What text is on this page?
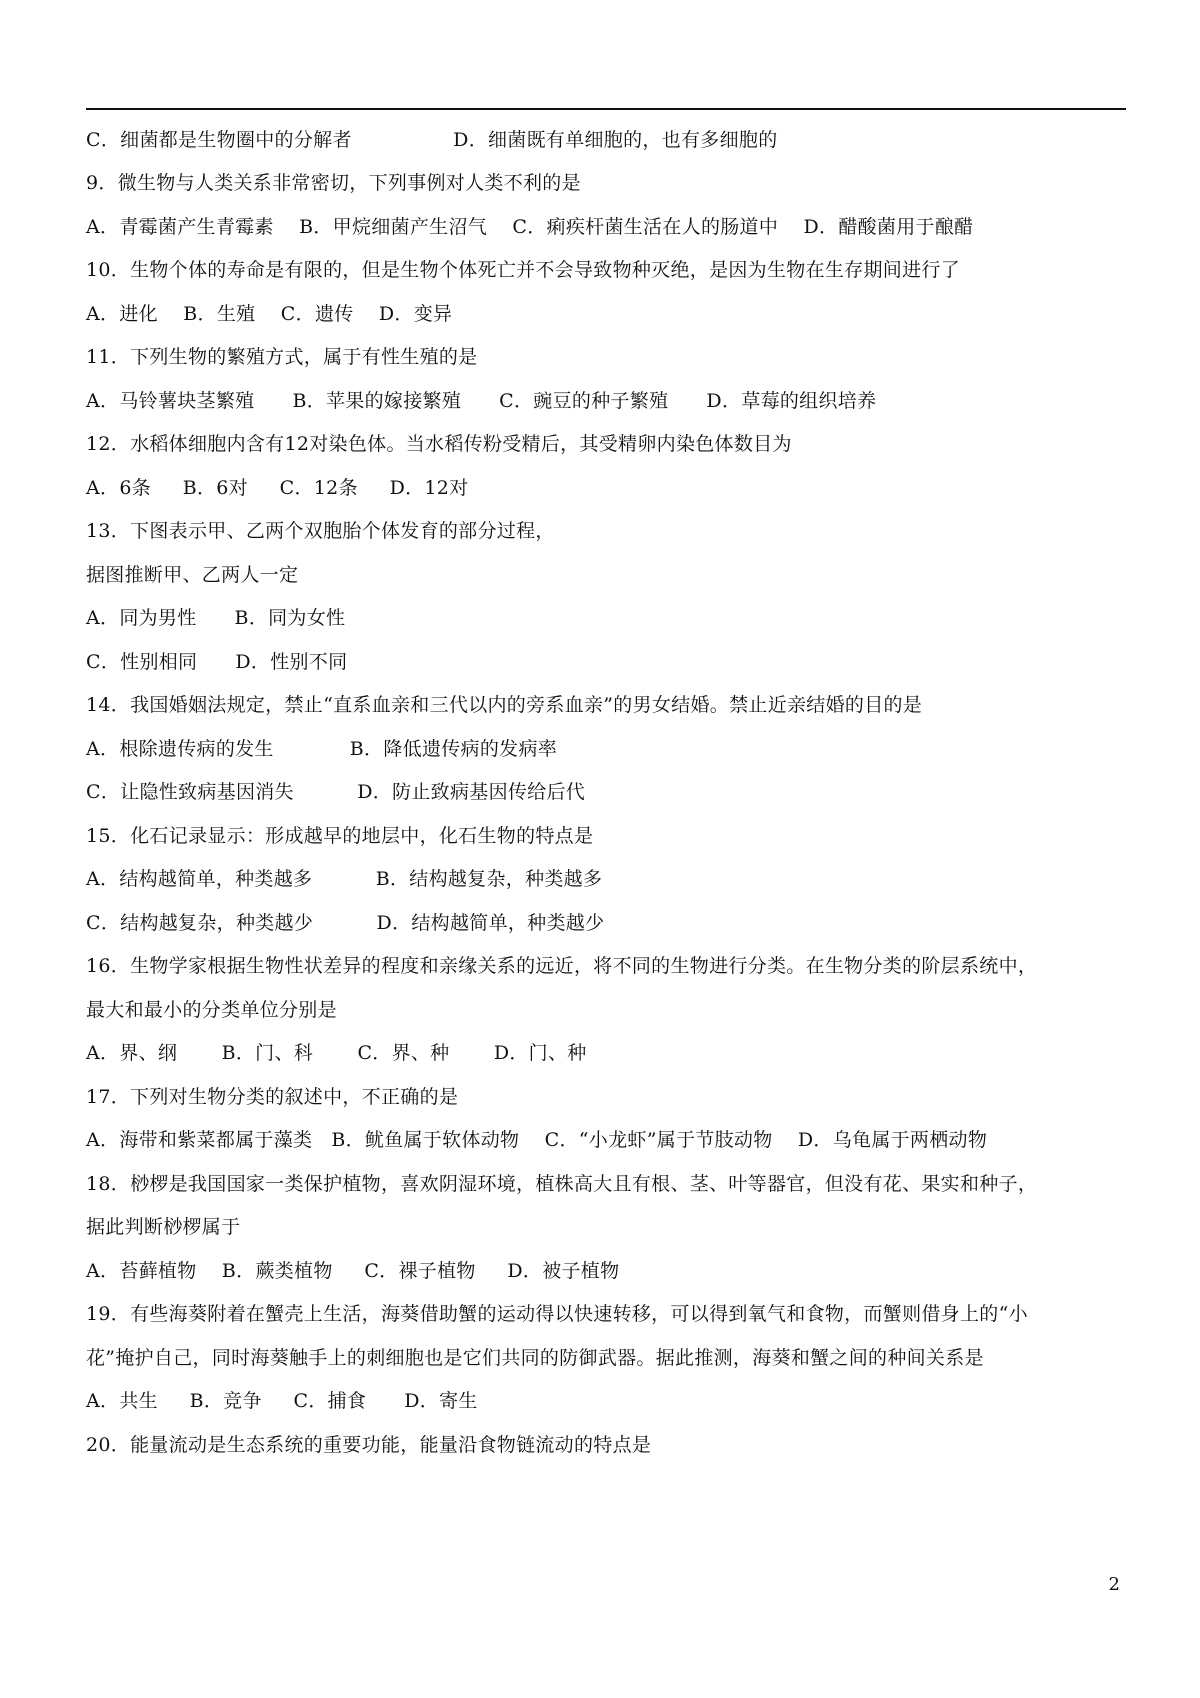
C．细菌都是生物圈中的分解者                D．细菌既有单细胞的，也有多细胞的
9．微生物与人类关系非常密切，下列事例对人类不利的是
A．青霉菌产生青霉素    B．甲烷细菌产生沼气    C．痢疾杆菌生活在人的肠道中    D．醋酸菌用于酿醋
10．生物个体的寿命是有限的，但是生物个体死亡并不会导致物种灭绝，是因为生物在生存期间进行了
A．进化    B．生殖    C．遗传    D．变异
11．下列生物的繁殖方式，属于有性生殖的是
A．马铃薯块茎繁殖      B．苹果的嫁接繁殖      C．豌豆的种子繁殖      D．草莓的组织培养
12．水稻体细胞内含有12对染色体。当水稻传粉受精后，其受精卵内染色体数目为
A．6条     B．6对     C．12条     D．12对
13．下图表示甲、乙两个双胞胎个体发育的部分过程，
据图推断甲、乙两人一定
A．同为男性      B．同为女性
C．性别相同      D．性别不同
14．我国婚姻法规定，禁止“直系血亲和三代以内的旁系血亲”的男女结婚。禁止近亲结婚的目的是
A．根除遗传病的发生            B．降低遗传病的发病率
C．让隐性致病基因消失          D．防止致病基因传给后代
15．化石记录显示：形成越早的地层中，化石生物的特点是
A．结构越简单，种类越多          B．结构越复杂，种类越多
C．结构越复杂，种类越少          D．结构越简单，种类越少
16．生物学家根据生物性状差异的程度和亲缘关系的远近，将不同的生物进行分类。在生物分类的阶层系统中，
最大和最小的分类单位分别是
A．界、纲       B．门、科       C．界、种       D．门、种
17．下列对生物分类的叙述中，不正确的是
A．海带和紫菜都属于藻类   B．鱿鱼属于软体动物    C．“小龙虾”属于节肢动物    D．乌龟属于两栖动物
18．桫椤是我国国家一类保护植物，喜欢阴湿环境，植株高大且有根、茎、叶等器官，但没有花、果实和种子，
据此判断桫椤属于
A．苔藓植物    B．蕨类植物     C．裸子植物     D．被子植物
19．有些海葵附着在蟹壳上生活，海葵借助蟹的运动得以快速转移，可以得到氧气和食物，而蟹则借身上的“小
花”掩护自己，同时海葵触手上的刺细胞也是它们共同的防御武器。据此推测，海葵和蟹之间的种间关系是
A．共生     B．竞争     C．捕食      D．寄生
20．能量流动是生态系统的重要功能，能量沿食物链流动的特点是
2
